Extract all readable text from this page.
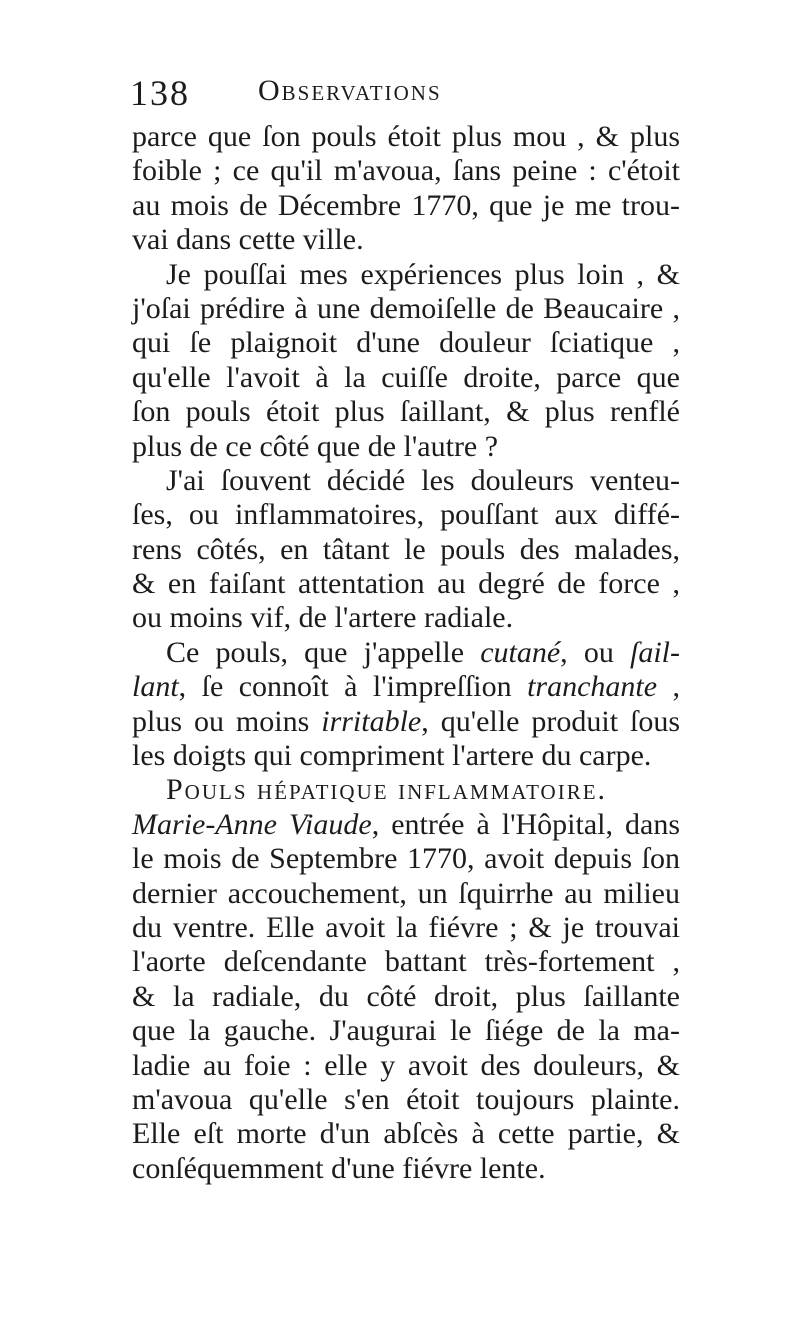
138 Observations
parce que ſon pouls étoit plus mou , & plus
foible ; ce qu'il m'avoua, ſans peine : c'étoit
au mois de Décembre 1770, que je me trou-
vai dans cette ville.
Je pouſſai mes expériences plus loin , &
j'oſai prédire à une demoiſelle de Beaucaire ,
qui ſe plaignoit d'une douleur ſciatique ,
qu'elle l'avoit à la cuiſſe droite, parce que
ſon pouls étoit plus ſaillant, & plus renflé
plus de ce côté que de l'autre ?
J'ai ſouvent décidé les douleurs venteu-
ſes, ou inflammatoires, pouſſant aux diffé-
rens côtés, en tâtant le pouls des malades,
& en faiſant attentation au degré de force ,
ou moins vif, de l'artere radiale.
Ce pouls, que j'appelle cutané, ou ſail-
lant, ſe connoît à l'impreſſion tranchante ,
plus ou moins irritable, qu'elle produit ſous
les doigts qui compriment l'artere du carpe.
Pouls hépatique inflammatoire.
Marie-Anne Viaude, entrée à l'Hôpital, dans
le mois de Septembre 1770, avoit depuis ſon
dernier accouchement, un ſquirrhe au milieu
du ventre. Elle avoit la fiévre ; & je trouvai
l'aorte deſcendante battant très-fortement ,
& la radiale, du côté droit, plus ſaillante
que la gauche. J'augurai le ſiége de la ma-
ladie au foie : elle y avoit des douleurs, &
m'avoua qu'elle s'en étoit toujours plainte.
Elle eſt morte d'un abſcès à cette partie, &
conſéquemment d'une fiévre lente.
